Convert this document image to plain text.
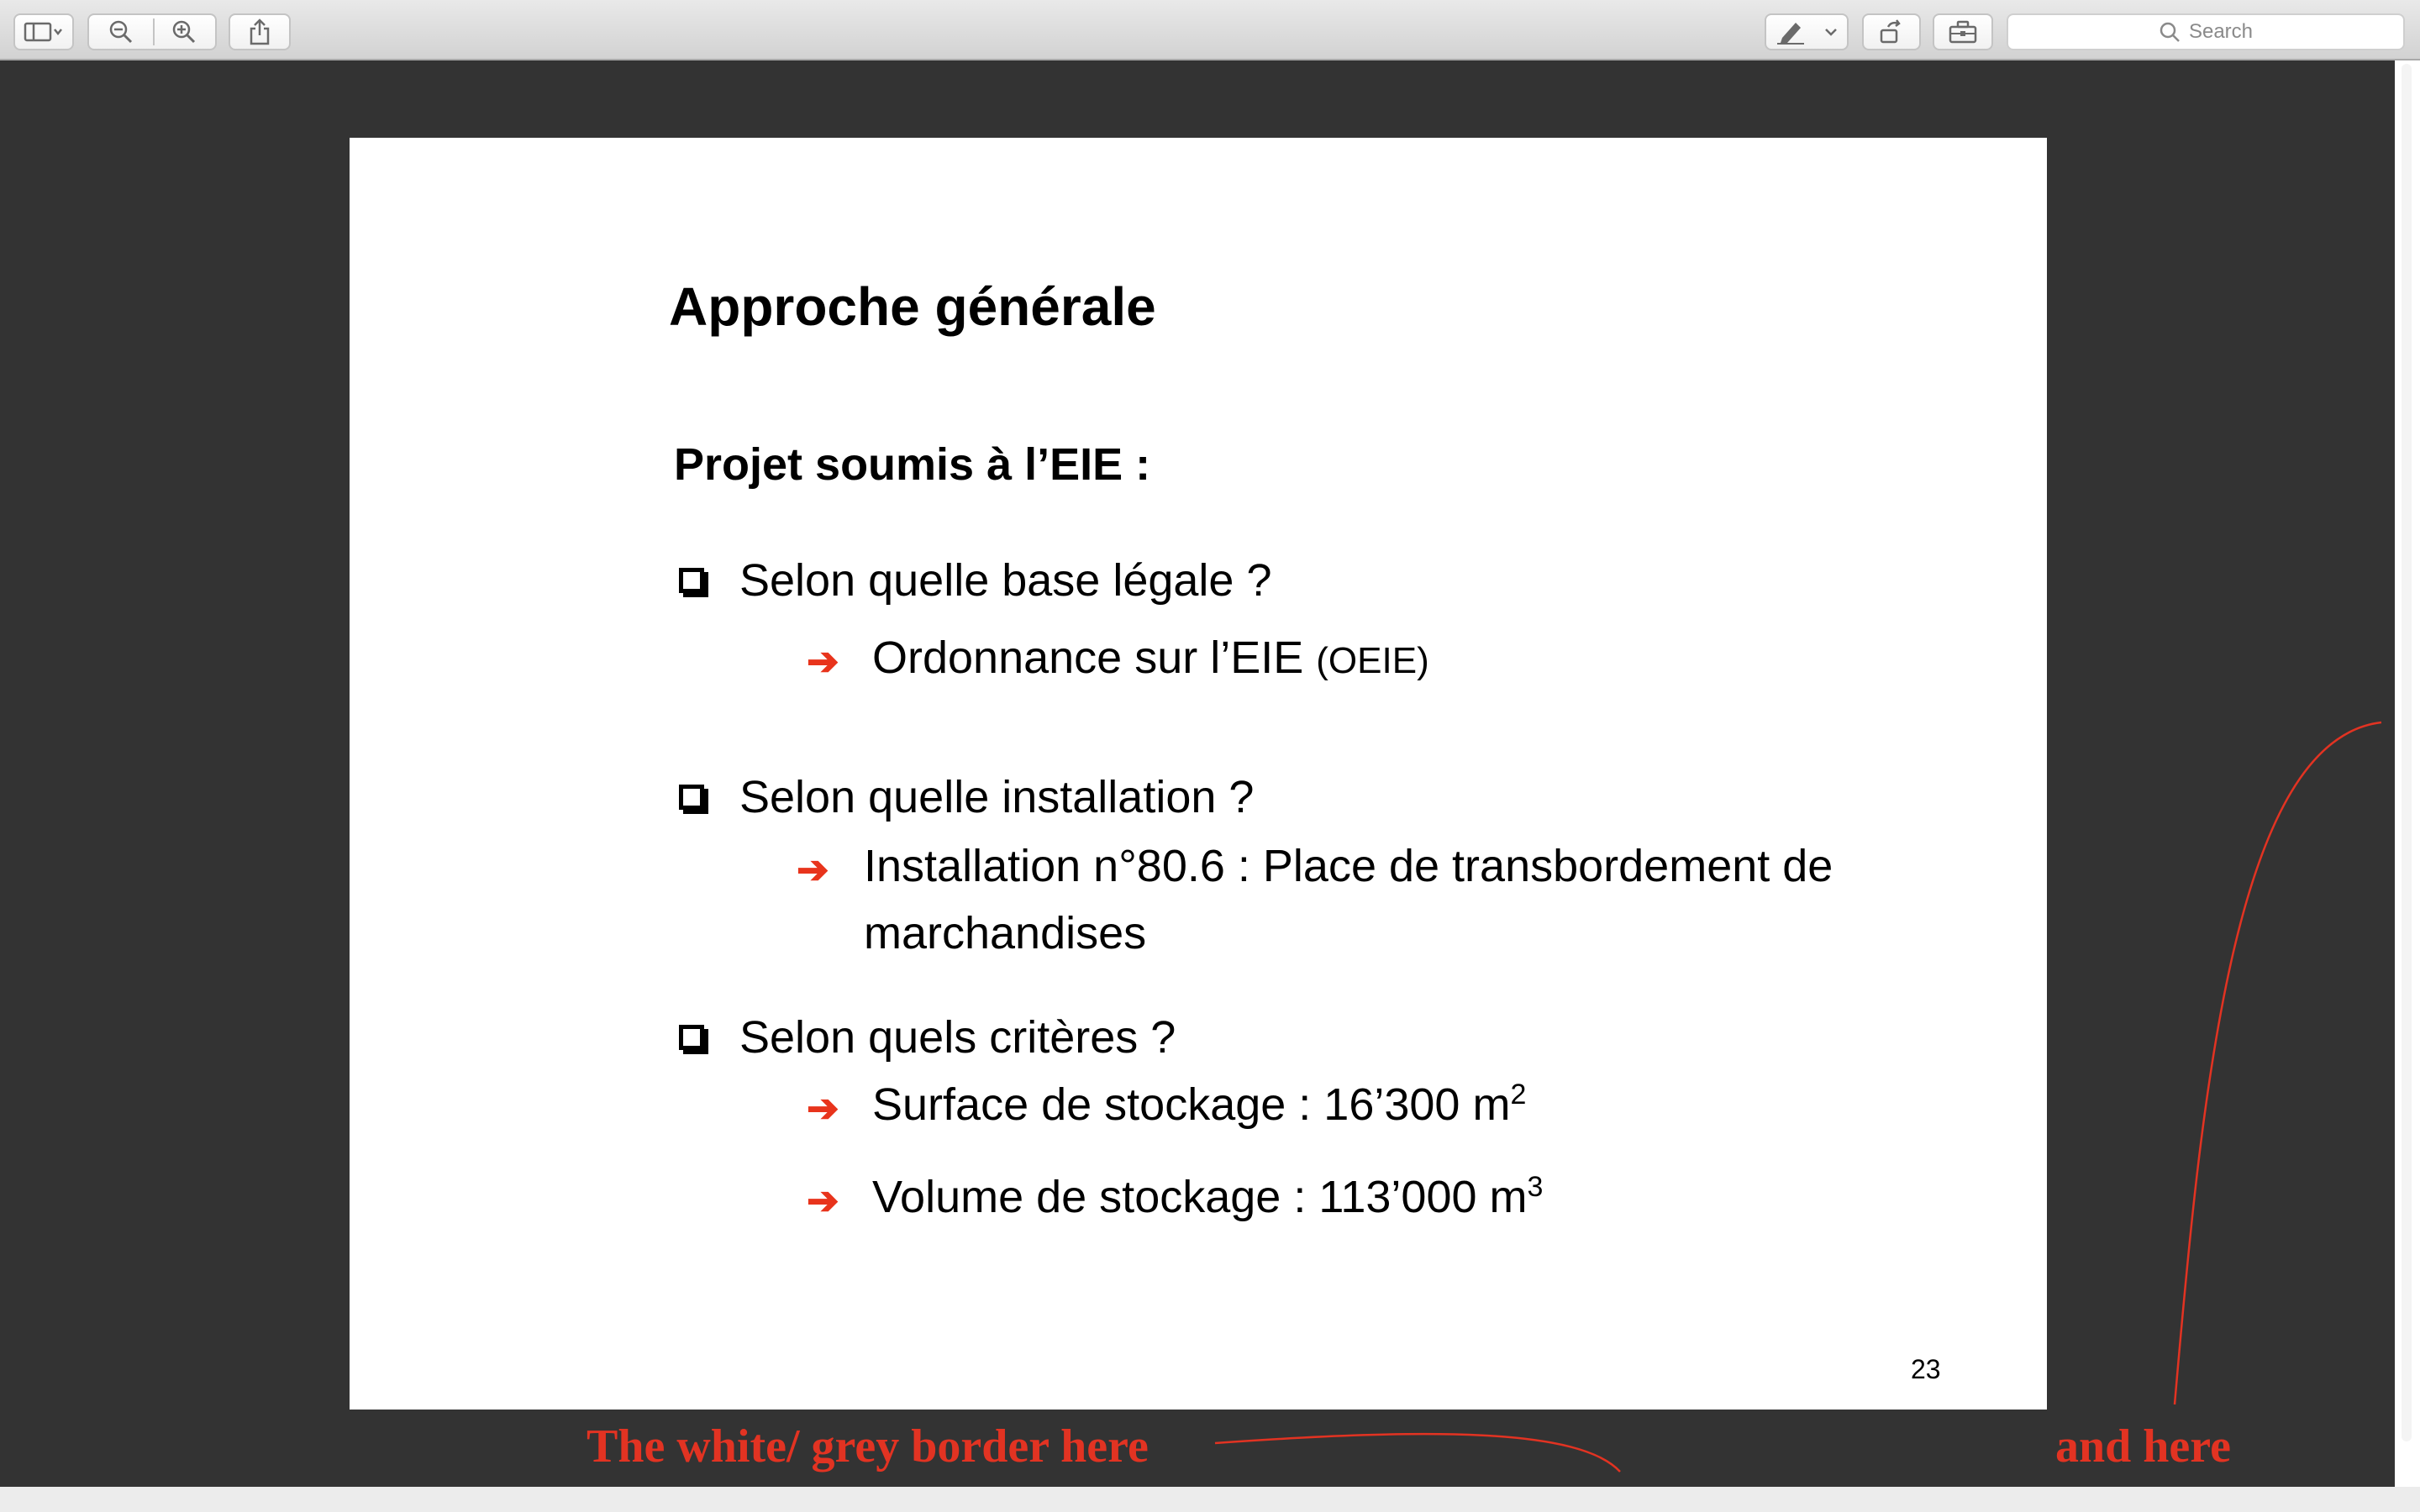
Search
Approche générale
Projet soumis à l’EIE :
Selon quelle base légale ?
➔ Ordonnance sur l’EIE (OEIE)
Selon quelle installation ?
➔ Installation n°80.6 : Place de transbordement de
marchandises
Selon quels critères ?
➔ Surface de stockage : 16’300 $m^2$
➔ Volume de stockage : 113’000 $m^3$
23
The white/ grey border here	and here
